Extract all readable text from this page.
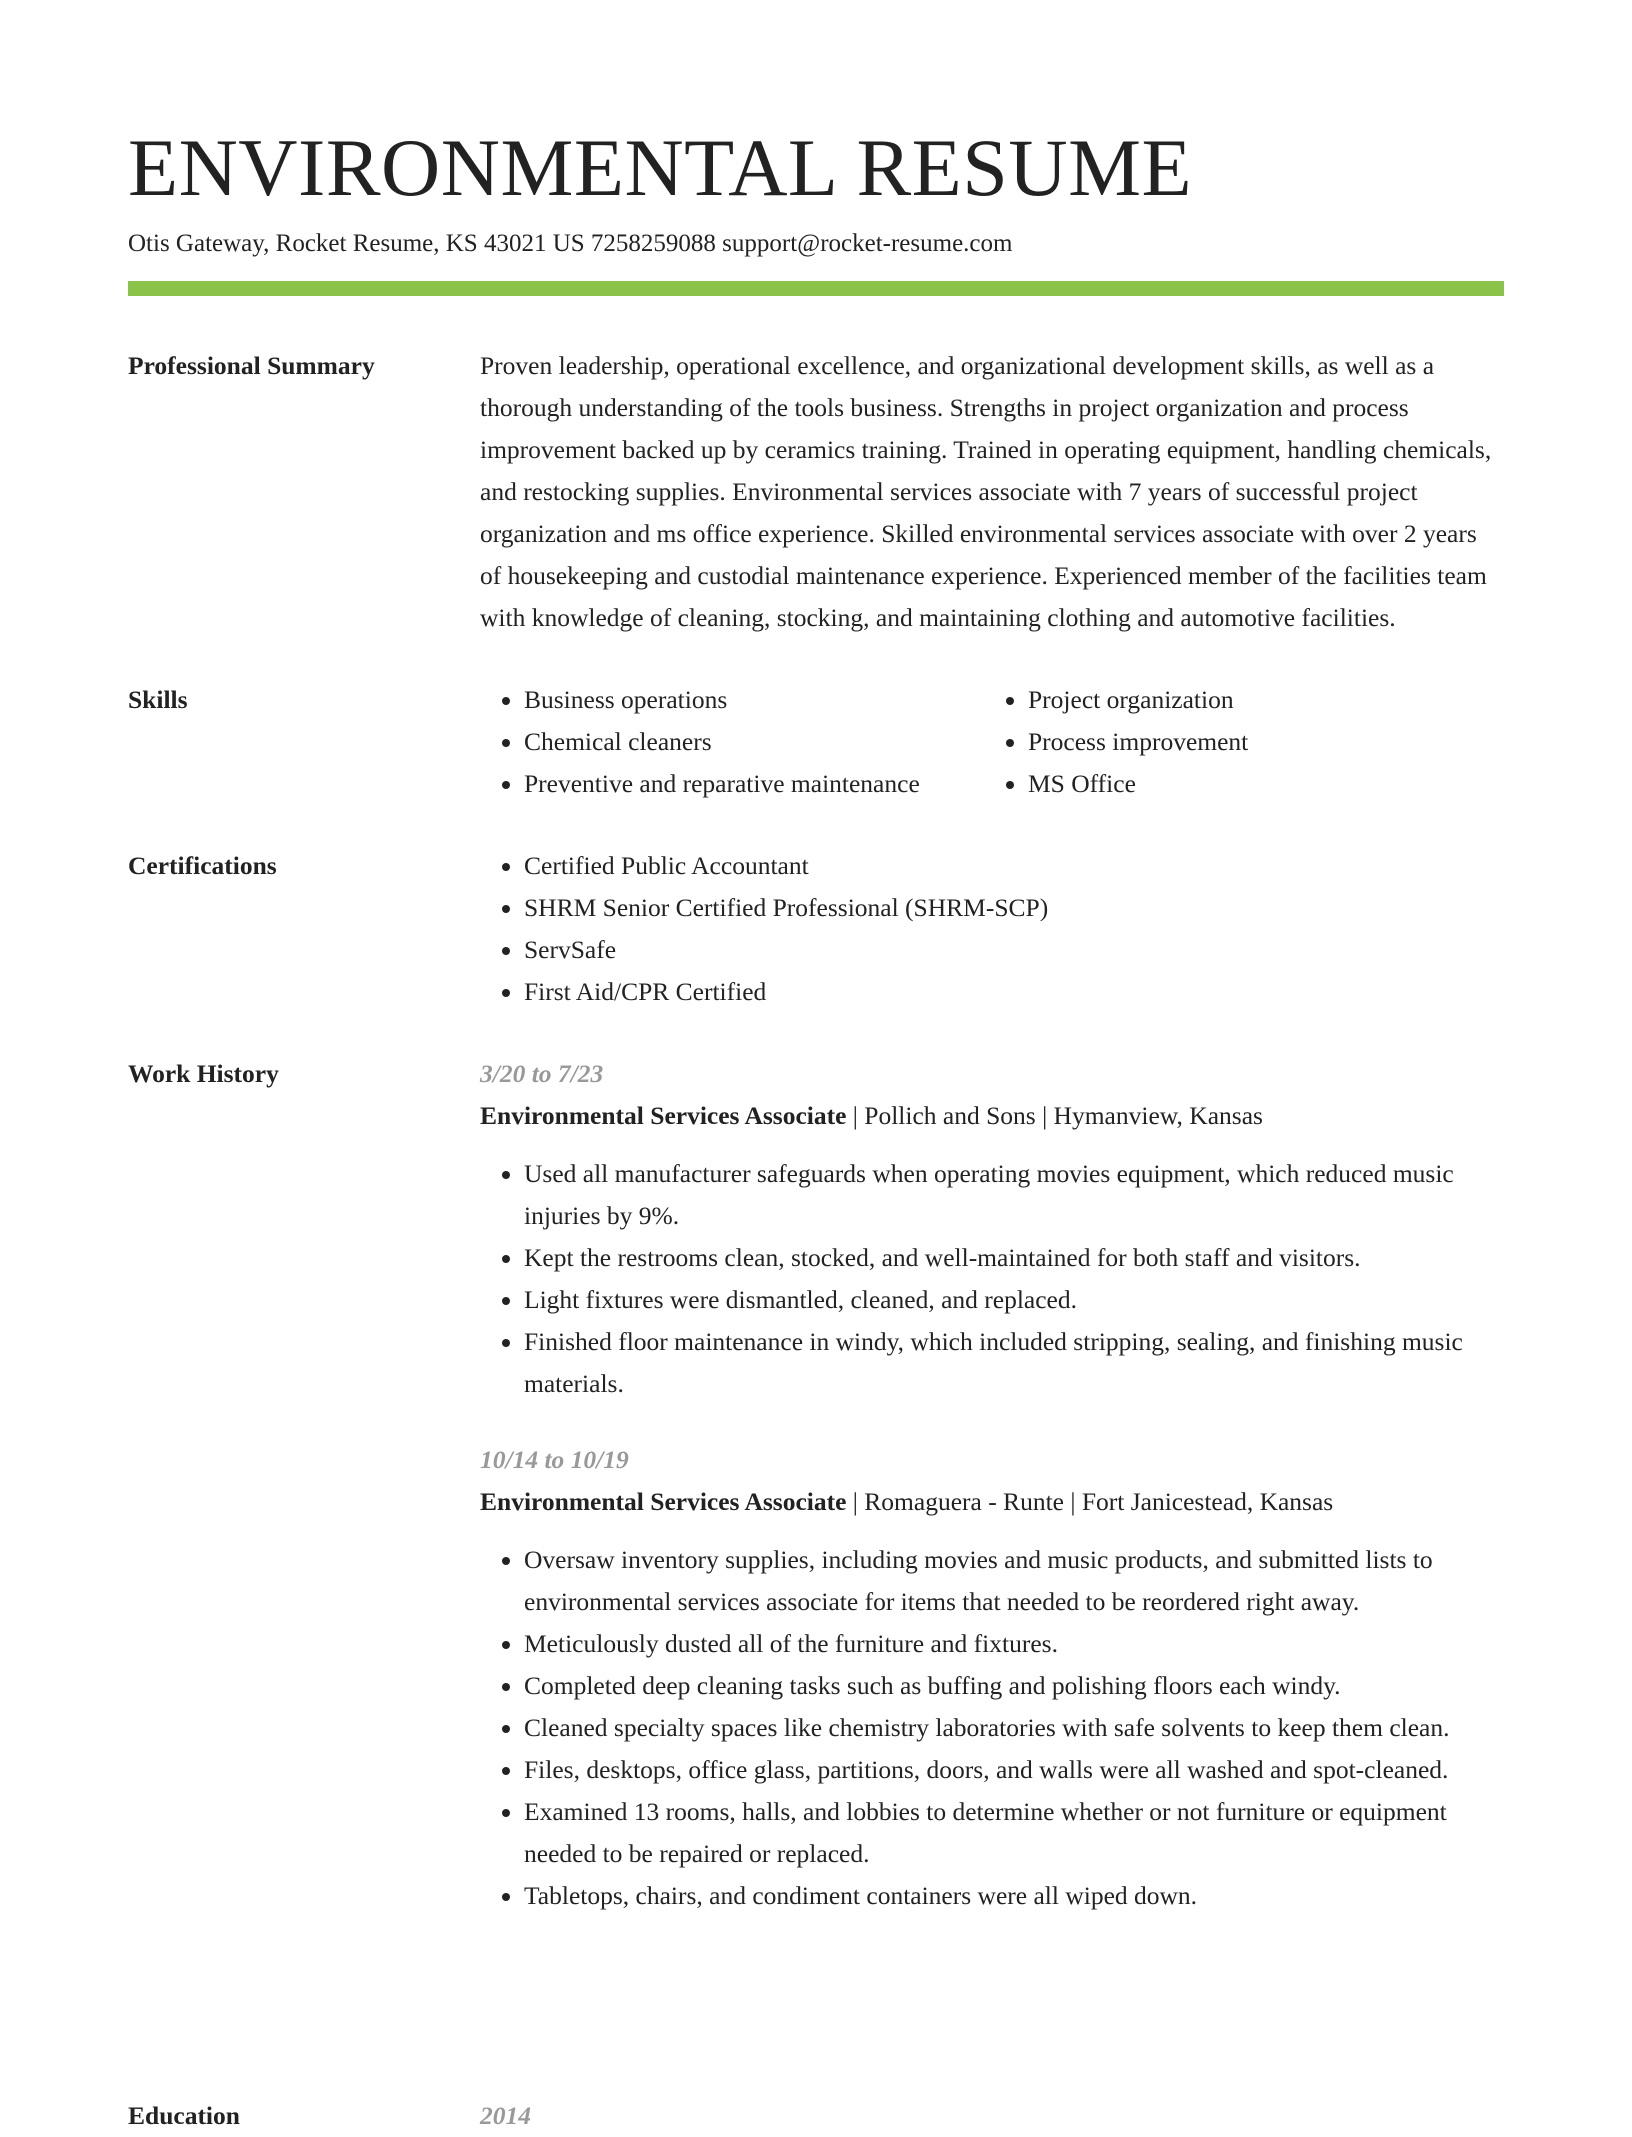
ENVIRONMENTAL RESUME
Otis Gateway, Rocket Resume, KS 43021 US 7258259088 support@rocket-resume.com
Professional Summary	Proven leadership, operational excellence, and organizational development skills, as well as a thorough understanding of the tools business. Strengths in project organization and process improvement backed up by ceramics training. Trained in operating equipment, handling chemicals, and restocking supplies. Environmental services associate with 7 years of successful project organization and ms office experience. Skilled environmental services associate with over 2 years of housekeeping and custodial maintenance experience. Experienced member of the facilities team with knowledge of cleaning, stocking, and maintaining clothing and automotive facilities.

Skills	• Business operations
• Chemical cleaners
• Preventive and reparative maintenance
• Project organization
• Process improvement
• MS Office
Certifications	• Certified Public Accountant
• SHRM Senior Certified Professional (SHRM-SCP)
• ServSafe
• First Aid/CPR Certified
Work History	3/20 to 7/23
Environmental Services Associate | Pollich and Sons | Hymanview, Kansas
• Used all manufacturer safeguards when operating movies equipment, which reduced music injuries by 9%.
• Kept the restrooms clean, stocked, and well-maintained for both staff and visitors.
• Light fixtures were dismantled, cleaned, and replaced.
• Finished floor maintenance in windy, which included stripping, sealing, and finishing music materials.
10/14 to 10/19
Environmental Services Associate | Romaguera - Runte | Fort Janicestead, Kansas
• Oversaw inventory supplies, including movies and music products, and submitted lists to environmental services associate for items that needed to be reordered right away.
• Meticulously dusted all of the furniture and fixtures.
• Completed deep cleaning tasks such as buffing and polishing floors each windy.
• Cleaned specialty spaces like chemistry laboratories with safe solvents to keep them clean.
• Files, desktops, office glass, partitions, doors, and walls were all washed and spot-cleaned.
• Examined 13 rooms, halls, and lobbies to determine whether or not furniture or equipment needed to be repaired or replaced.
• Tabletops, chairs, and condiment containers were all wiped down.
Education	2014
